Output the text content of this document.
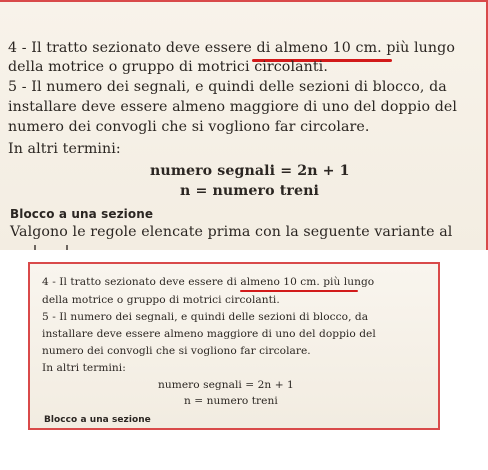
4 - Il tratto sezionato deve essere di almeno 10 cm. più lungo
della motrice o gruppo di motrici circolanti.
5 - Il numero dei segnali, e quindi delle sezioni di blocco, da
installare deve essere almeno maggiore di uno del doppio del
numero dei convogli che si vogliono far circolare.
In altri termini:
numero segnali = 2n + 1
n = numero treni
Blocco a una sezione
Valgono le regole elencate prima con la seguente variante al
4 - Il tratto sezionato deve essere di almeno 10 cm. più lungo
della motrice o gruppo di motrici circolanti.
5 - Il numero dei segnali, e quindi delle sezioni di blocco, da
installare deve essere almeno maggiore di uno del doppio del
numero dei convogli che si vogliono far circolare.
In altri termini:
numero segnali = 2n + 1
n = numero treni
Blocco a una sezione
